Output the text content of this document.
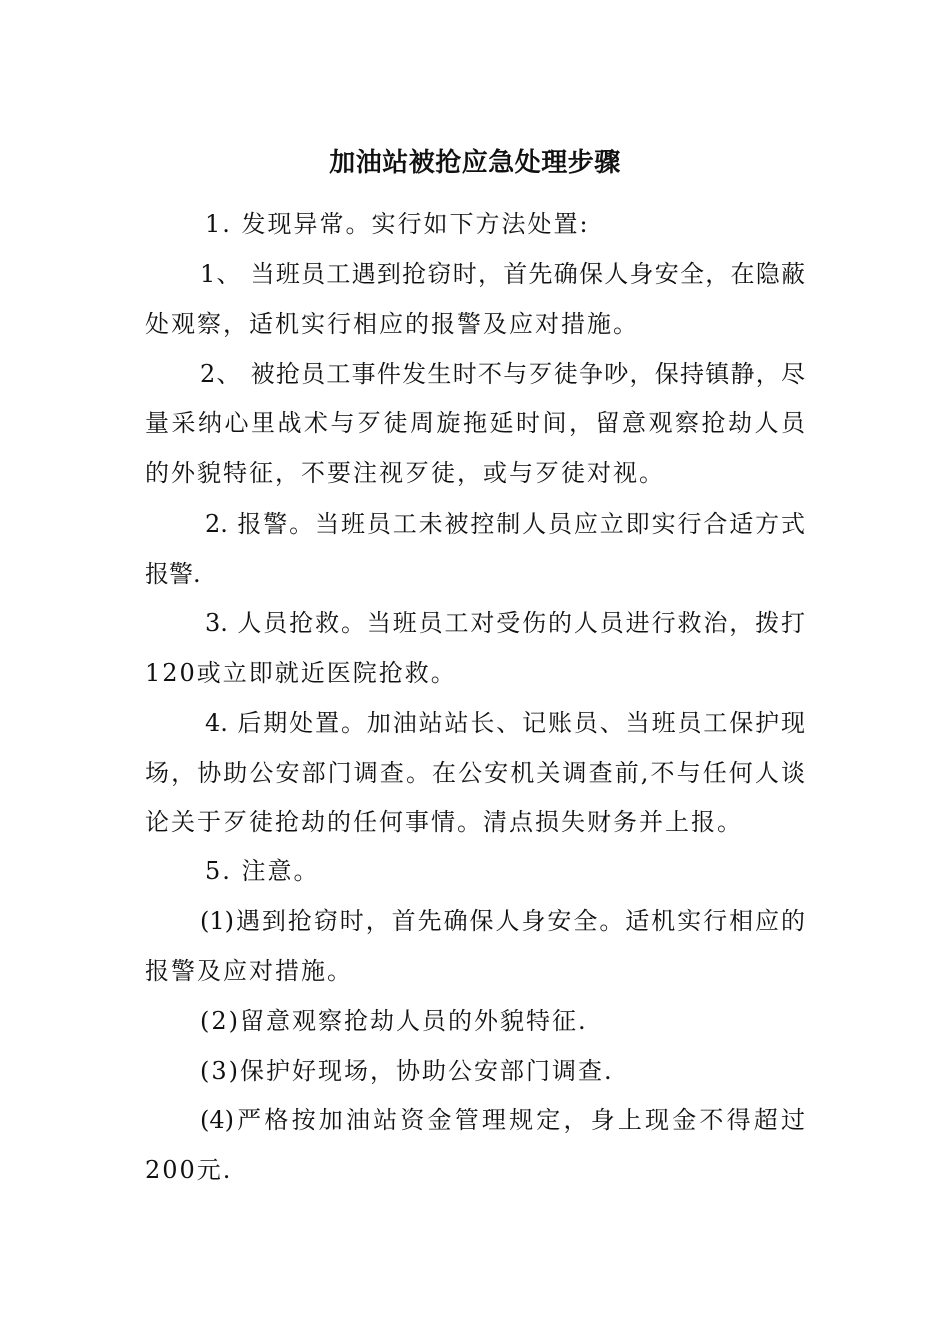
加油站被抢应急处理步骤
1. 发现异常。实行如下方法处置:
1、 当班员工遇到抢窃时，首先确保人身安全，在隐蔽
处观察，适机实行相应的报警及应对措施。
2、 被抢员工事件发生时不与歹徒争吵，保持镇静，尽
量采纳心里战术与歹徒周旋拖延时间，留意观察抢劫人员
的外貌特征，不要注视歹徒，或与歹徒对视。
2. 报警。当班员工未被控制人员应立即实行合适方式
报警.
3. 人员抢救。当班员工对受伤的人员进行救治，拨打
120或立即就近医院抢救。
4. 后期处置。加油站站长、记账员、当班员工保护现
场，协助公安部门调查。在公安机关调查前,不与任何人谈
论关于歹徒抢劫的任何事情。清点损失财务并上报。
5. 注意。
(1)遇到抢窃时，首先确保人身安全。适机实行相应的
报警及应对措施。
(2)留意观察抢劫人员的外貌特征.
(3)保护好现场，协助公安部门调查.
(4)严格按加油站资金管理规定，身上现金不得超过
200元.
